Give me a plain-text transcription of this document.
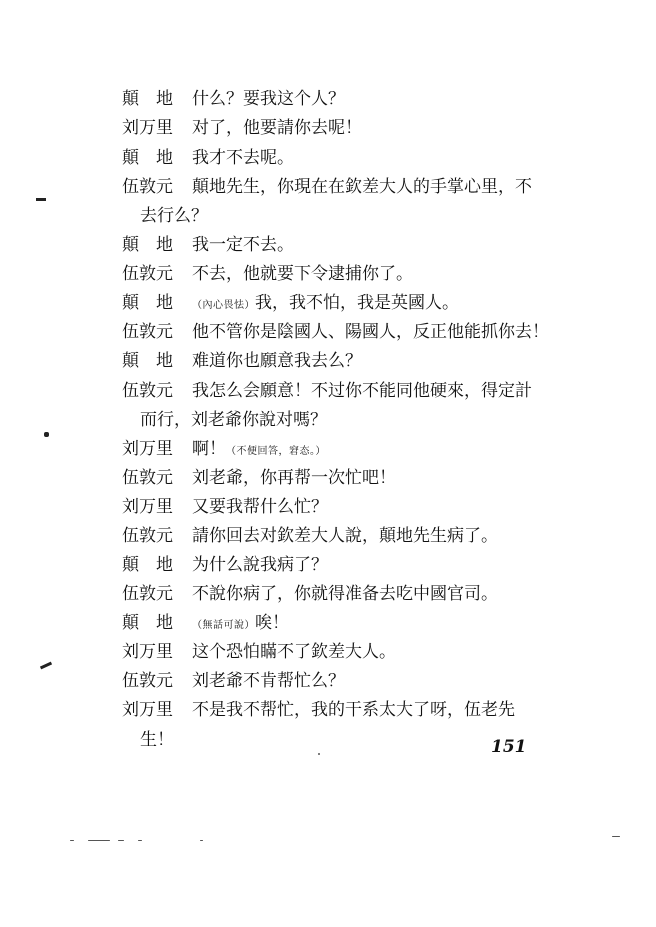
顛　地	什么？要我这个人？
刘万里	对了，他要請你去呢！
顛　地	我才不去呢。
伍敦元	顛地先生，你現在在欽差大人的手掌心里，不
去行么？
顛　地	我一定不去。
伍敦元	不去，他就要下令逮捕你了。
顛　地	（內心畏怯）我，我不怕，我是英國人。
伍敦元	他不管你是陰國人、陽國人，反正他能抓你去！
顛　地	难道你也願意我去么？
伍敦元	我怎么会願意！不过你不能同他硬來，得定計
而行，刘老爺你說对嗎？
刘万里	啊！（不便回答，窘态。）
伍敦元	刘老爺，你再帮一次忙吧！
刘万里	又要我帮什么忙？
伍敦元	請你回去对欽差大人說，顛地先生病了。
顛　地	为什么說我病了？
伍敦元	不說你病了，你就得准备去吃中國官司。
顛　地	（無話可說）唉！
刘万里	这个恐怕瞞不了欽差大人。
伍敦元	刘老爺不肯帮忙么？
刘万里	不是我不帮忙，我的干系太大了呀，伍老先
生！	151
